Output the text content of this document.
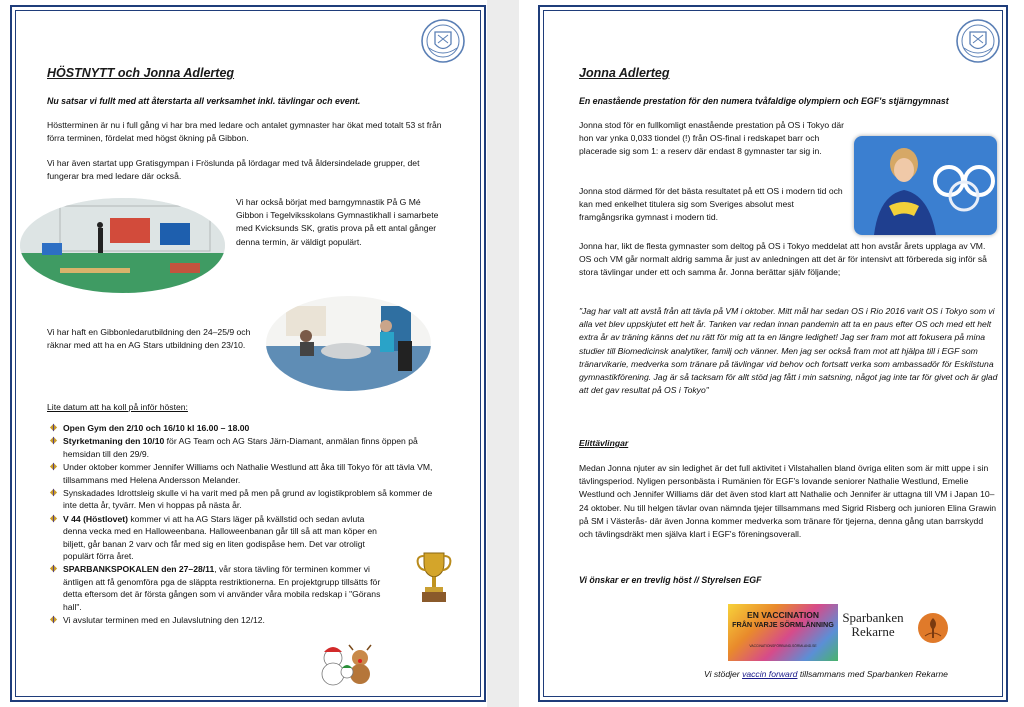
HÖSTNYTT och Jonna Adlerteg
Nu satsar vi fullt med att återstarta all verksamhet inkl. tävlingar och event.
Höstterminen är nu i full gång vi har bra med ledare och antalet gymnaster har ökat med totalt 53 st från förra terminen, fördelat med högst ökning på Gibbon.
Vi har även startat upp Gratisgympan i Fröslunda på lördagar med två åldersindelade grupper, det fungerar bra med ledare där också.
Vi har också börjat med barngymnastik På G Mé Gibbon i Tegelviksskolans Gymnastikhall i samarbete med Kvicksunds SK, gratis prova på ett antal gånger denna termin, är väldigt populärt.
Vi har haft en Gibbonledarutbildning den 24–25/9 och räknar med att ha en AG Stars utbildning den 23/10.
Lite datum att ha koll på inför hösten:
Open Gym den 2/10 och 16/10 kl 16.00 – 18.00
Styrketmaning den 10/10 för AG Team och AG Stars Järn-Diamant, anmälan finns öppen på hemsidan till den 29/9.
Under oktober kommer Jennifer Williams och Nathalie Westlund att åka till Tokyo för att tävla VM, tillsammans med Helena Andersson Melander.
Synskadades Idrottsleig skulle vi ha varit med på men på grund av logistikproblem så kommer de inte detta år, tyvärr. Men vi hoppas på nästa år.
V 44 (Höstlovet) kommer vi att ha AG Stars läger på kvällstid och sedan avluta denna vecka med en Halloweenbana. Halloweenbanan går till så att man köper en biljett, går banan 2 varv och får med sig en liten godispåse hem. Det var otroligt populärt förra året.
SPARBANKSPOKALEN den 27–28/11, vår stora tävling för terminen kommer vi äntligen att få genomföra pga de släppta restriktionerna. En projektgrupp tillsätts för detta eftersom det är första gången som vi använder våra mobila redskap i "Görans hall".
Vi avslutar terminen med en Julavslutning den 12/12.
Jonna Adlerteg
En enastående prestation för den numera tvåfaldige olympiern och EGF's stjärngymnast
Jonna stod för en fullkomligt enastående prestation på OS i Tokyo där hon var ynka 0,033 tiondel (!) från OS-final i redskapet barr och placerade sig som 1: a reserv där endast 8 gymnaster tar sig in.
Jonna stod därmed för det bästa resultatet på ett OS i modern tid och kan med enkelhet titulera sig som Sveriges absolut mest framgångsrika gymnast i modern tid.
Jonna har, likt de flesta gymnaster som deltog på OS i Tokyo meddelat att hon avstår årets upplaga av VM. OS och VM går normalt aldrig samma år just av anledningen att det är för intensivt att förbereda sig inför så stora tävlingar under ett och samma år. Jonna berättar själv följande;
"Jag har valt att avstå från att tävla på VM i oktober. Mitt mål har sedan OS i Rio 2016 varit OS i Tokyo som vi alla vet blev uppskjutet ett helt år. Tanken var redan innan pandemin att ta en paus efter OS och med ett helt extra år av träning känns det nu rätt för mig att ta en längre ledighet! Jag ser fram mot att fokusera på mina studier till Biomedicinsk analytiker, familj och vänner. Men jag ser också fram mot att hjälpa till i EGF som tränarvikarie, medverka som tränare på tävlingar vid behov och fortsatt verka som ambassadör för Eskilstuna gymnastikförening. Jag är så tacksam för allt stöd jag fått i min satsning, något jag inte tar för givet och är glad att det gav resultat på OS i Tokyo"
Elittävlingar
Medan Jonna njuter av sin ledighet är det full aktivitet i Vilstahallen bland övriga eliten som är mitt uppe i sin tävlingsperiod. Nyligen personbästa i Rumänien för EGF's lovande seniorer Nathalie Westlund, Emelie Westlund och Jennifer Williams där det även stod klart att Nathalie och Jennifer är uttagna till VM i Japan 10–24 oktober. Nu till helgen tävlar ovan nämnda tjejer tillsammans med Sigrid Risberg och junioren Elina Grawin på SM i Västerås- där även Jonna kommer medverka som tränare för tjejerna, denna gång utan barrskydd och tävlingsdräkt men själva klart i EGF's föreningsoverall.
Vi önskar er en trevlig höst // Styrelsen EGF
EN VACCINATION
FRÅN VARJE SÖRMLÄNNING
VACCINATIONSFÖRBUND.SÖRMLAND.SE
Sparbanken
Rekarne
Vi stödjer vaccin forward tillsammans med Sparbanken Rekarne
